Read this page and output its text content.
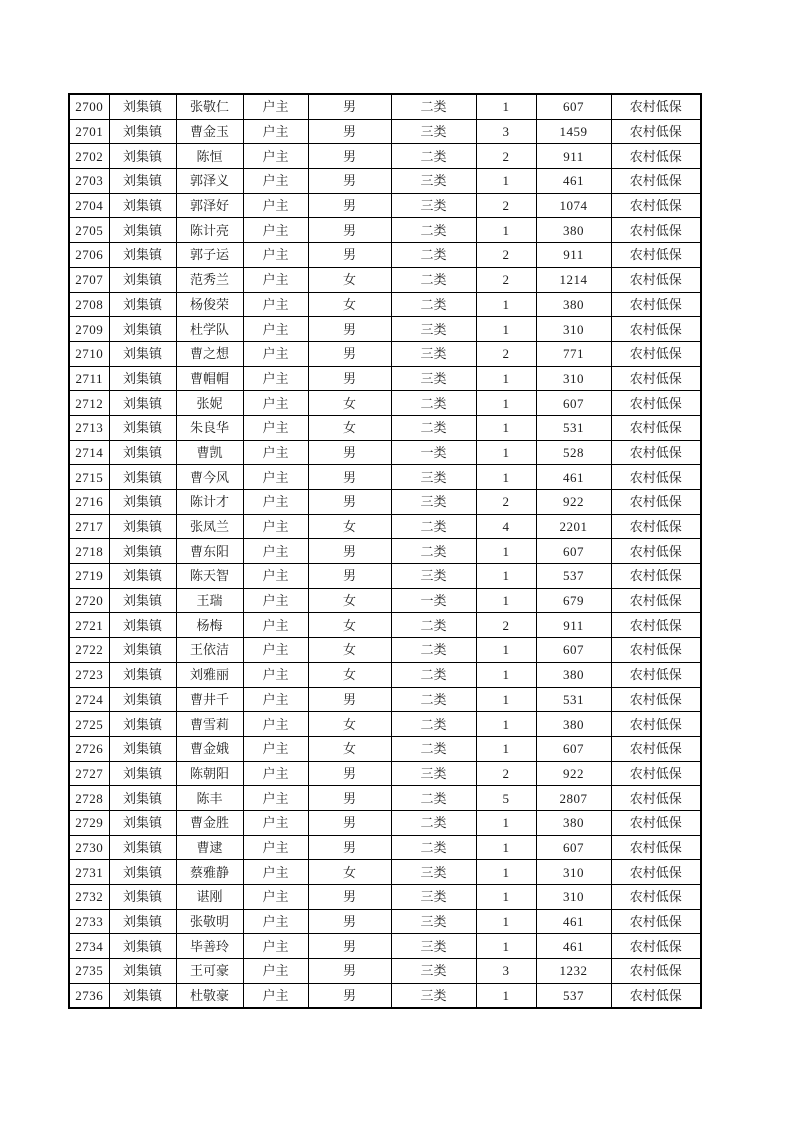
2700	刘集镇	张敬仁	户主	男	二类	1	607	农村低保
2701	刘集镇	曹金玉	户主	男	三类	3	1459	农村低保
2702	刘集镇	陈恒	户主	男	二类	2	911	农村低保
2703	刘集镇	郭泽义	户主	男	三类	1	461	农村低保
2704	刘集镇	郭泽好	户主	男	三类	2	1074	农村低保
2705	刘集镇	陈计亮	户主	男	二类	1	380	农村低保
2706	刘集镇	郭子运	户主	男	二类	2	911	农村低保
2707	刘集镇	范秀兰	户主	女	二类	2	1214	农村低保
2708	刘集镇	杨俊荣	户主	女	二类	1	380	农村低保
2709	刘集镇	杜学队	户主	男	三类	1	310	农村低保
2710	刘集镇	曹之想	户主	男	三类	2	771	农村低保
2711	刘集镇	曹帽帽	户主	男	三类	1	310	农村低保
2712	刘集镇	张妮	户主	女	二类	1	607	农村低保
2713	刘集镇	朱良华	户主	女	二类	1	531	农村低保
2714	刘集镇	曹凯	户主	男	一类	1	528	农村低保
2715	刘集镇	曹今风	户主	男	三类	1	461	农村低保
2716	刘集镇	陈计才	户主	男	三类	2	922	农村低保
2717	刘集镇	张凤兰	户主	女	二类	4	2201	农村低保
2718	刘集镇	曹东阳	户主	男	二类	1	607	农村低保
2719	刘集镇	陈天智	户主	男	三类	1	537	农村低保
2720	刘集镇	王瑞	户主	女	一类	1	679	农村低保
2721	刘集镇	杨梅	户主	女	二类	2	911	农村低保
2722	刘集镇	王依洁	户主	女	二类	1	607	农村低保
2723	刘集镇	刘雅丽	户主	女	二类	1	380	农村低保
2724	刘集镇	曹井千	户主	男	二类	1	531	农村低保
2725	刘集镇	曹雪莉	户主	女	二类	1	380	农村低保
2726	刘集镇	曹金娥	户主	女	二类	1	607	农村低保
2727	刘集镇	陈朝阳	户主	男	三类	2	922	农村低保
2728	刘集镇	陈丰	户主	男	二类	5	2807	农村低保
2729	刘集镇	曹金胜	户主	男	二类	1	380	农村低保
2730	刘集镇	曹逮	户主	男	二类	1	607	农村低保
2731	刘集镇	蔡雅静	户主	女	三类	1	310	农村低保
2732	刘集镇	谌刚	户主	男	三类	1	310	农村低保
2733	刘集镇	张敬明	户主	男	三类	1	461	农村低保
2734	刘集镇	毕善玲	户主	男	三类	1	461	农村低保
2735	刘集镇	王可豪	户主	男	三类	3	1232	农村低保
2736	刘集镇	杜敬豪	户主	男	三类	1	537	农村低保
